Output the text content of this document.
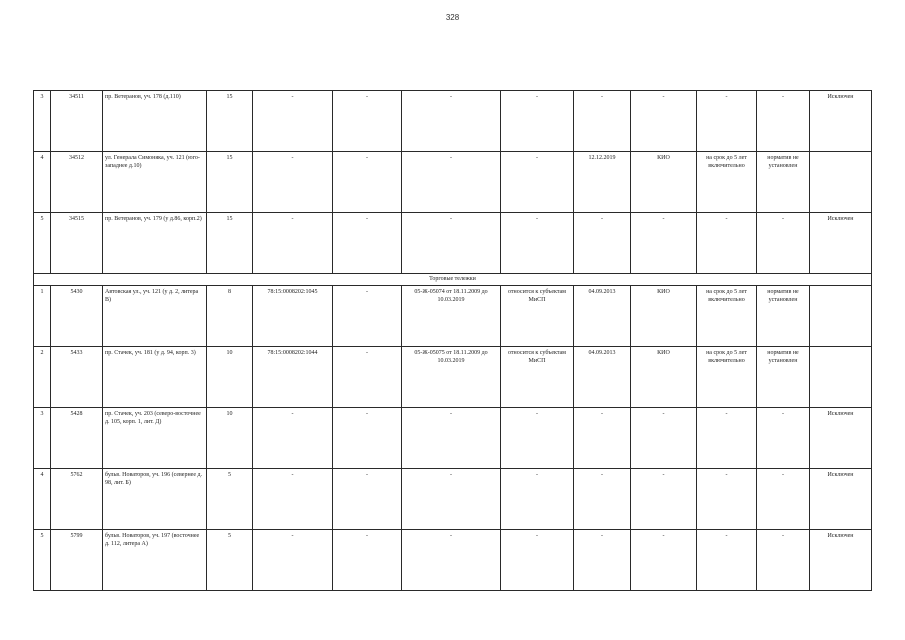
328
3	34511	пр. Ветеранов, уч. 178 (д.110)	15	-	-	-	-	-	-	-	-	Исключен
4	34512	ул. Генерала Симоняка, уч. 121 (юго-западнее д.10)	15	-	-	-	-	12.12.2019	КИО	на срок до 5 лет включительно	норматив не установлен	
5	34515	пр. Ветеранов, уч. 179 (у д.86, корп.2)	15	-	-	-	-	-	-	-	-	Исключен
Торговые тележки												
1	5430	Автовская ул., уч. 121 (у д. 2, литера В)	8	78:15:0008202:1045	-	05-Ж-05074 от 18.11.2009 до 10.03.2019	относится к субъектам МиСП	04.09.2013	КИО	на срок до 5 лет включительно	норматив не установлен	
2	5433	пр. Стачек, уч. 181 (у д. 94, корп. 3)	10	78:15:0008202:1044	-	05-Ж-05075 от 18.11.2009 до 10.03.2019	относится к субъектам МиСП	04.09.2013	КИО	на срок до 5 лет включительно	норматив не установлен	
3	5428	пр. Стачек, уч. 203 (северо-восточнее д. 105, корп. 1, лит. Д)	10	-	-	-	-	-	-	-	-	Исключен
4	5762	бульв. Новаторов, уч. 196 (севернее д. 98, лит. Б)	5	-	-	-	-	-	-	-	-	Исключен
5	5799	бульв. Новаторов, уч. 197 (восточнее д. 112, литера А)	5	-	-	-	-	-	-	-	-	Исключен
